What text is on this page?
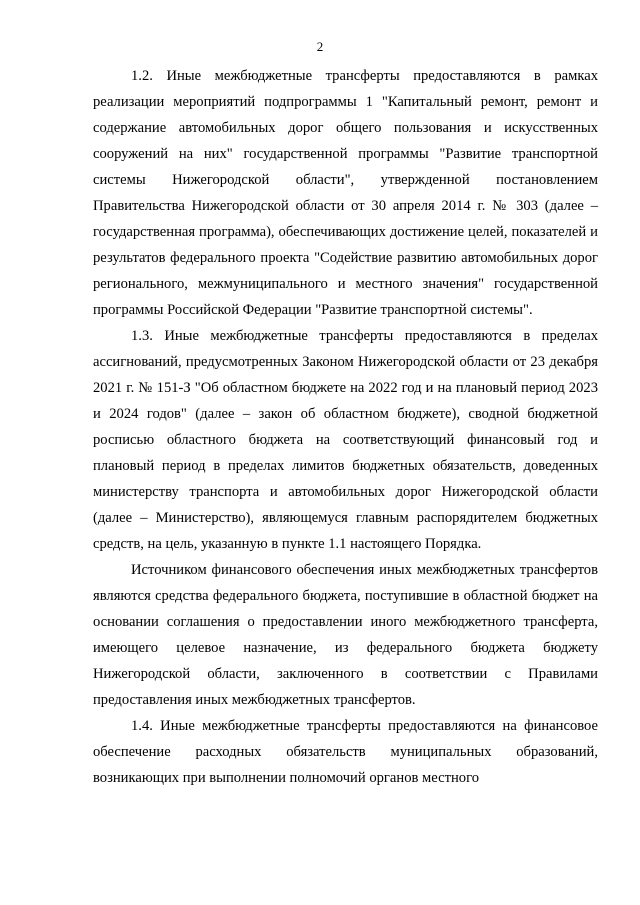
2

1.2. Иные межбюджетные трансферты предоставляются в рамках реализации мероприятий подпрограммы 1 "Капитальный ремонт, ремонт и содержание автомобильных дорог общего пользования и искусственных сооружений на них" государственной программы "Развитие транспортной системы Нижегородской области", утвержденной постановлением Правительства Нижегородской области от 30 апреля 2014 г. № 303 (далее – государственная программа), обеспечивающих достижение целей, показателей и результатов федерального проекта "Содействие развитию автомобильных дорог регионального, межмуниципального и местного значения" государственной программы Российской Федерации "Развитие транспортной системы".

1.3. Иные межбюджетные трансферты предоставляются в пределах ассигнований, предусмотренных Законом Нижегородской области от 23 декабря 2021 г. № 151-З "Об областном бюджете на 2022 год и на плановый период 2023 и 2024 годов" (далее – закон об областном бюджете), сводной бюджетной росписью областного бюджета на соответствующий финансовый год и плановый период в пределах лимитов бюджетных обязательств, доведенных министерству транспорта и автомобильных дорог Нижегородской области (далее – Министерство), являющемуся главным распорядителем бюджетных средств, на цель, указанную в пункте 1.1 настоящего Порядка.

Источником финансового обеспечения иных межбюджетных трансфертов являются средства федерального бюджета, поступившие в областной бюджет на основании соглашения о предоставлении иного межбюджетного трансферта, имеющего целевое назначение, из федерального бюджета бюджету Нижегородской области, заключенного в соответствии с Правилами предоставления иных межбюджетных трансфертов.

1.4. Иные межбюджетные трансферты предоставляются на финансовое обеспечение расходных обязательств муниципальных образований, возникающих при выполнении полномочий органов местного
